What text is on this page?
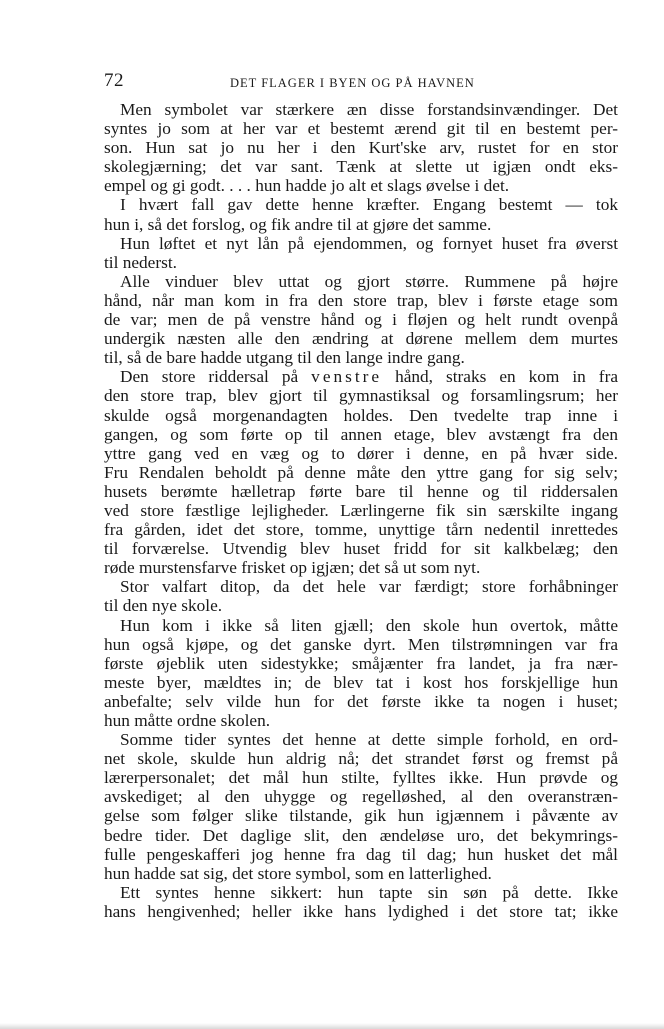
72	DET FLAGER I BYEN OG PÅ HAVNEN
Men symbolet var stærkere æn disse forstandsinvændinger. Det
syntes jo som at her var et bestemt ærend git til en bestemt per-
son. Hun sat jo nu her i den Kurt'ske arv, rustet for en stor
skolegjærning; det var sant. Tænk at slette ut igjæn ondt eks-
empel og gi godt. . . . hun hadde jo alt et slags øvelse i det.
I hvært fall gav dette henne kræfter. Engang bestemt — tok
hun i, så det forslog, og fik andre til at gjøre det samme.
Hun løftet et nyt lån på ejendommen, og fornyet huset fra øverst
til nederst.
Alle vinduer blev uttat og gjort større. Rummene på højre
hånd, når man kom in fra den store trap, blev i første etage som
de var; men de på venstre hånd og i fløjen og helt rundt ovenpå
undergik næsten alle den ændring at dørene mellem dem murtes
til, så de bare hadde utgang til den lange indre gang.
Den store riddersal på venstre hånd, straks en kom in fra
den store trap, blev gjort til gymnastiksal og forsamlingsrum; her
skulde også morgenandagten holdes. Den tvedelte trap inne i
gangen, og som førte op til annen etage, blev avstængt fra den
yttre gang ved en væg og to dører i denne, en på hvær side.
Fru Rendalen beholdt på denne måte den yttre gang for sig selv;
husets berømte hælletrap førte bare til henne og til riddersalen
ved store fæstlige lejligheder. Lærlingerne fik sin særskilte ingang
fra gården, idet det store, tomme, unyttige tårn nedentil inrettedes
til forværelse. Utvendig blev huset fridd for sit kalkbelæg; den
røde murstensfarve frisket op igjæn; det så ut som nyt.
Stor valfart ditop, da det hele var færdigt; store forhåbninger
til den nye skole.
Hun kom i ikke så liten gjæll; den skole hun overtok, måtte
hun også kjøpe, og det ganske dyrt. Men tilstrømningen var fra
første øjeblik uten sidestykke; småjænter fra landet, ja fra nær-
meste byer, mældtes in; de blev tat i kost hos forskjellige hun
anbefalte; selv vilde hun for det første ikke ta nogen i huset;
hun måtte ordne skolen.
Somme tider syntes det henne at dette simple forhold, en ord-
net skole, skulde hun aldrig nå; det strandet først og fremst på
lærerpersonalet; det mål hun stilte, fylltes ikke. Hun prøvde og
avskediget; al den uhygge og regelløshed, al den overanstræn-
gelse som følger slike tilstande, gik hun igjænnem i påvænte av
bedre tider. Det daglige slit, den ændeløse uro, det bekymrings-
fulle pengeskafferi jog henne fra dag til dag; hun husket det mål
hun hadde sat sig, det store symbol, som en latterlighed.
Ett syntes henne sikkert: hun tapte sin søn på dette. Ikke
hans hengivenhed; heller ikke hans lydighed i det store tat; ikke
